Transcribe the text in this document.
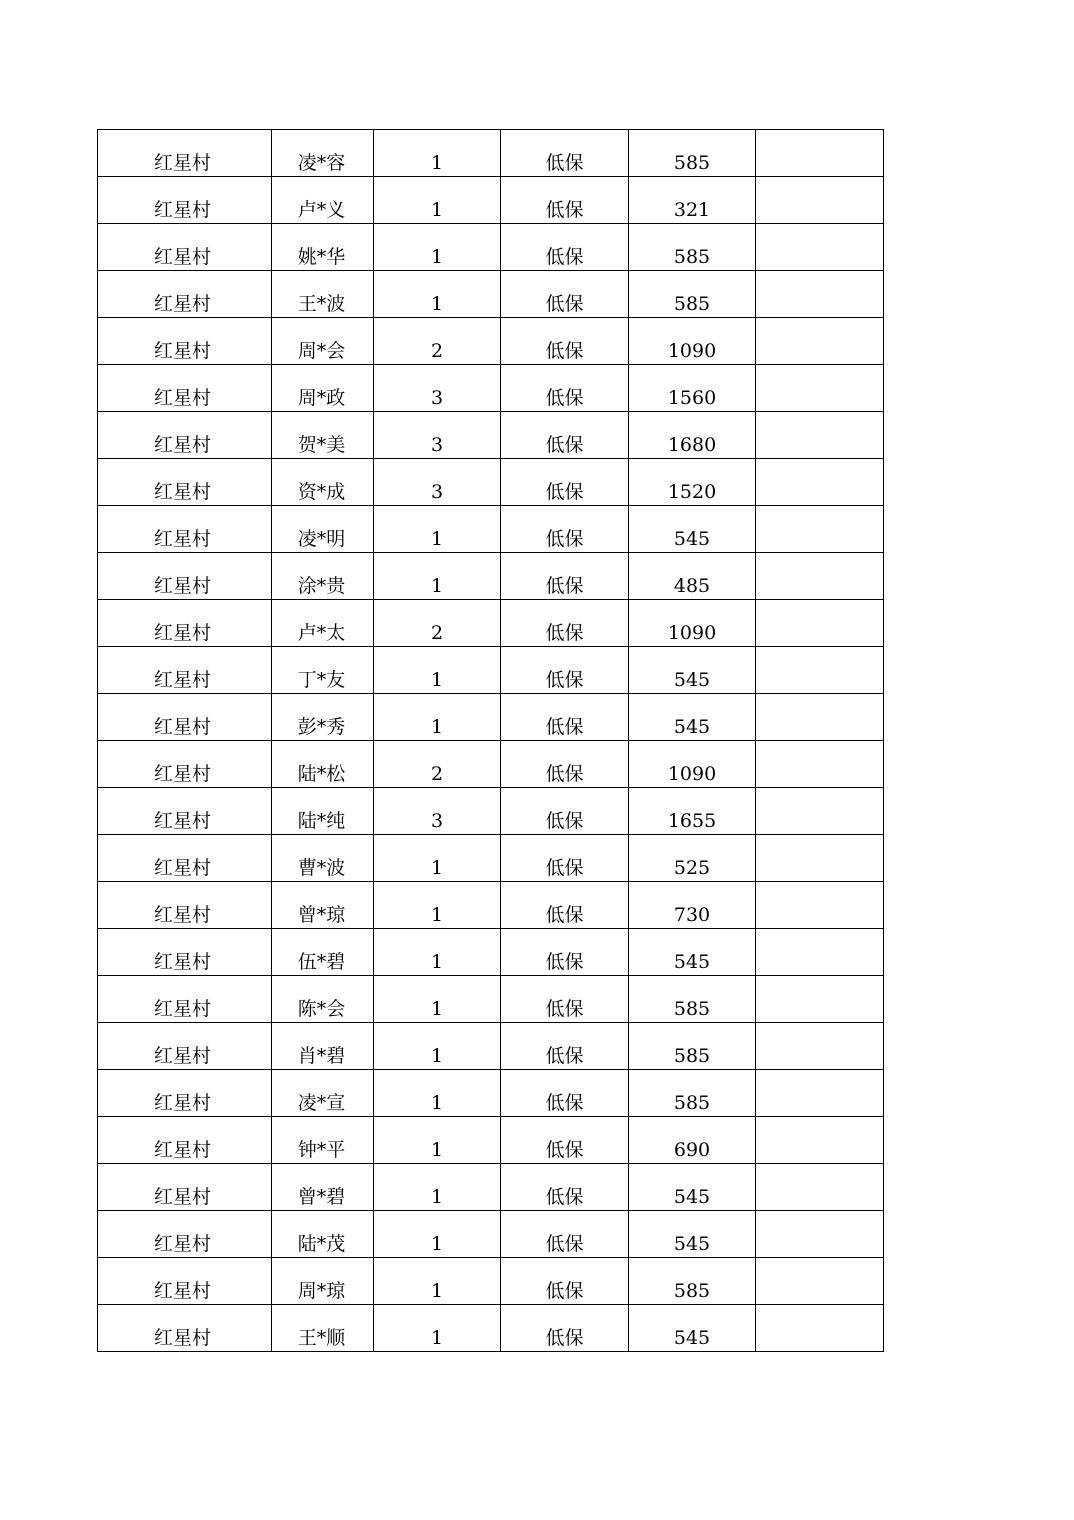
红星村	凌*容	1	低保	585	
红星村	卢*义	1	低保	321	
红星村	姚*华	1	低保	585	
红星村	王*波	1	低保	585	
红星村	周*会	2	低保	1090	
红星村	周*政	3	低保	1560	
红星村	贺*美	3	低保	1680	
红星村	资*成	3	低保	1520	
红星村	凌*明	1	低保	545	
红星村	涂*贵	1	低保	485	
红星村	卢*太	2	低保	1090	
红星村	丁*友	1	低保	545	
红星村	彭*秀	1	低保	545	
红星村	陆*松	2	低保	1090	
红星村	陆*纯	3	低保	1655	
红星村	曹*波	1	低保	525	
红星村	曾*琼	1	低保	730	
红星村	伍*碧	1	低保	545	
红星村	陈*会	1	低保	585	
红星村	肖*碧	1	低保	585	
红星村	凌*宣	1	低保	585	
红星村	钟*平	1	低保	690	
红星村	曾*碧	1	低保	545	
红星村	陆*茂	1	低保	545	
红星村	周*琼	1	低保	585	
红星村	王*顺	1	低保	545	
